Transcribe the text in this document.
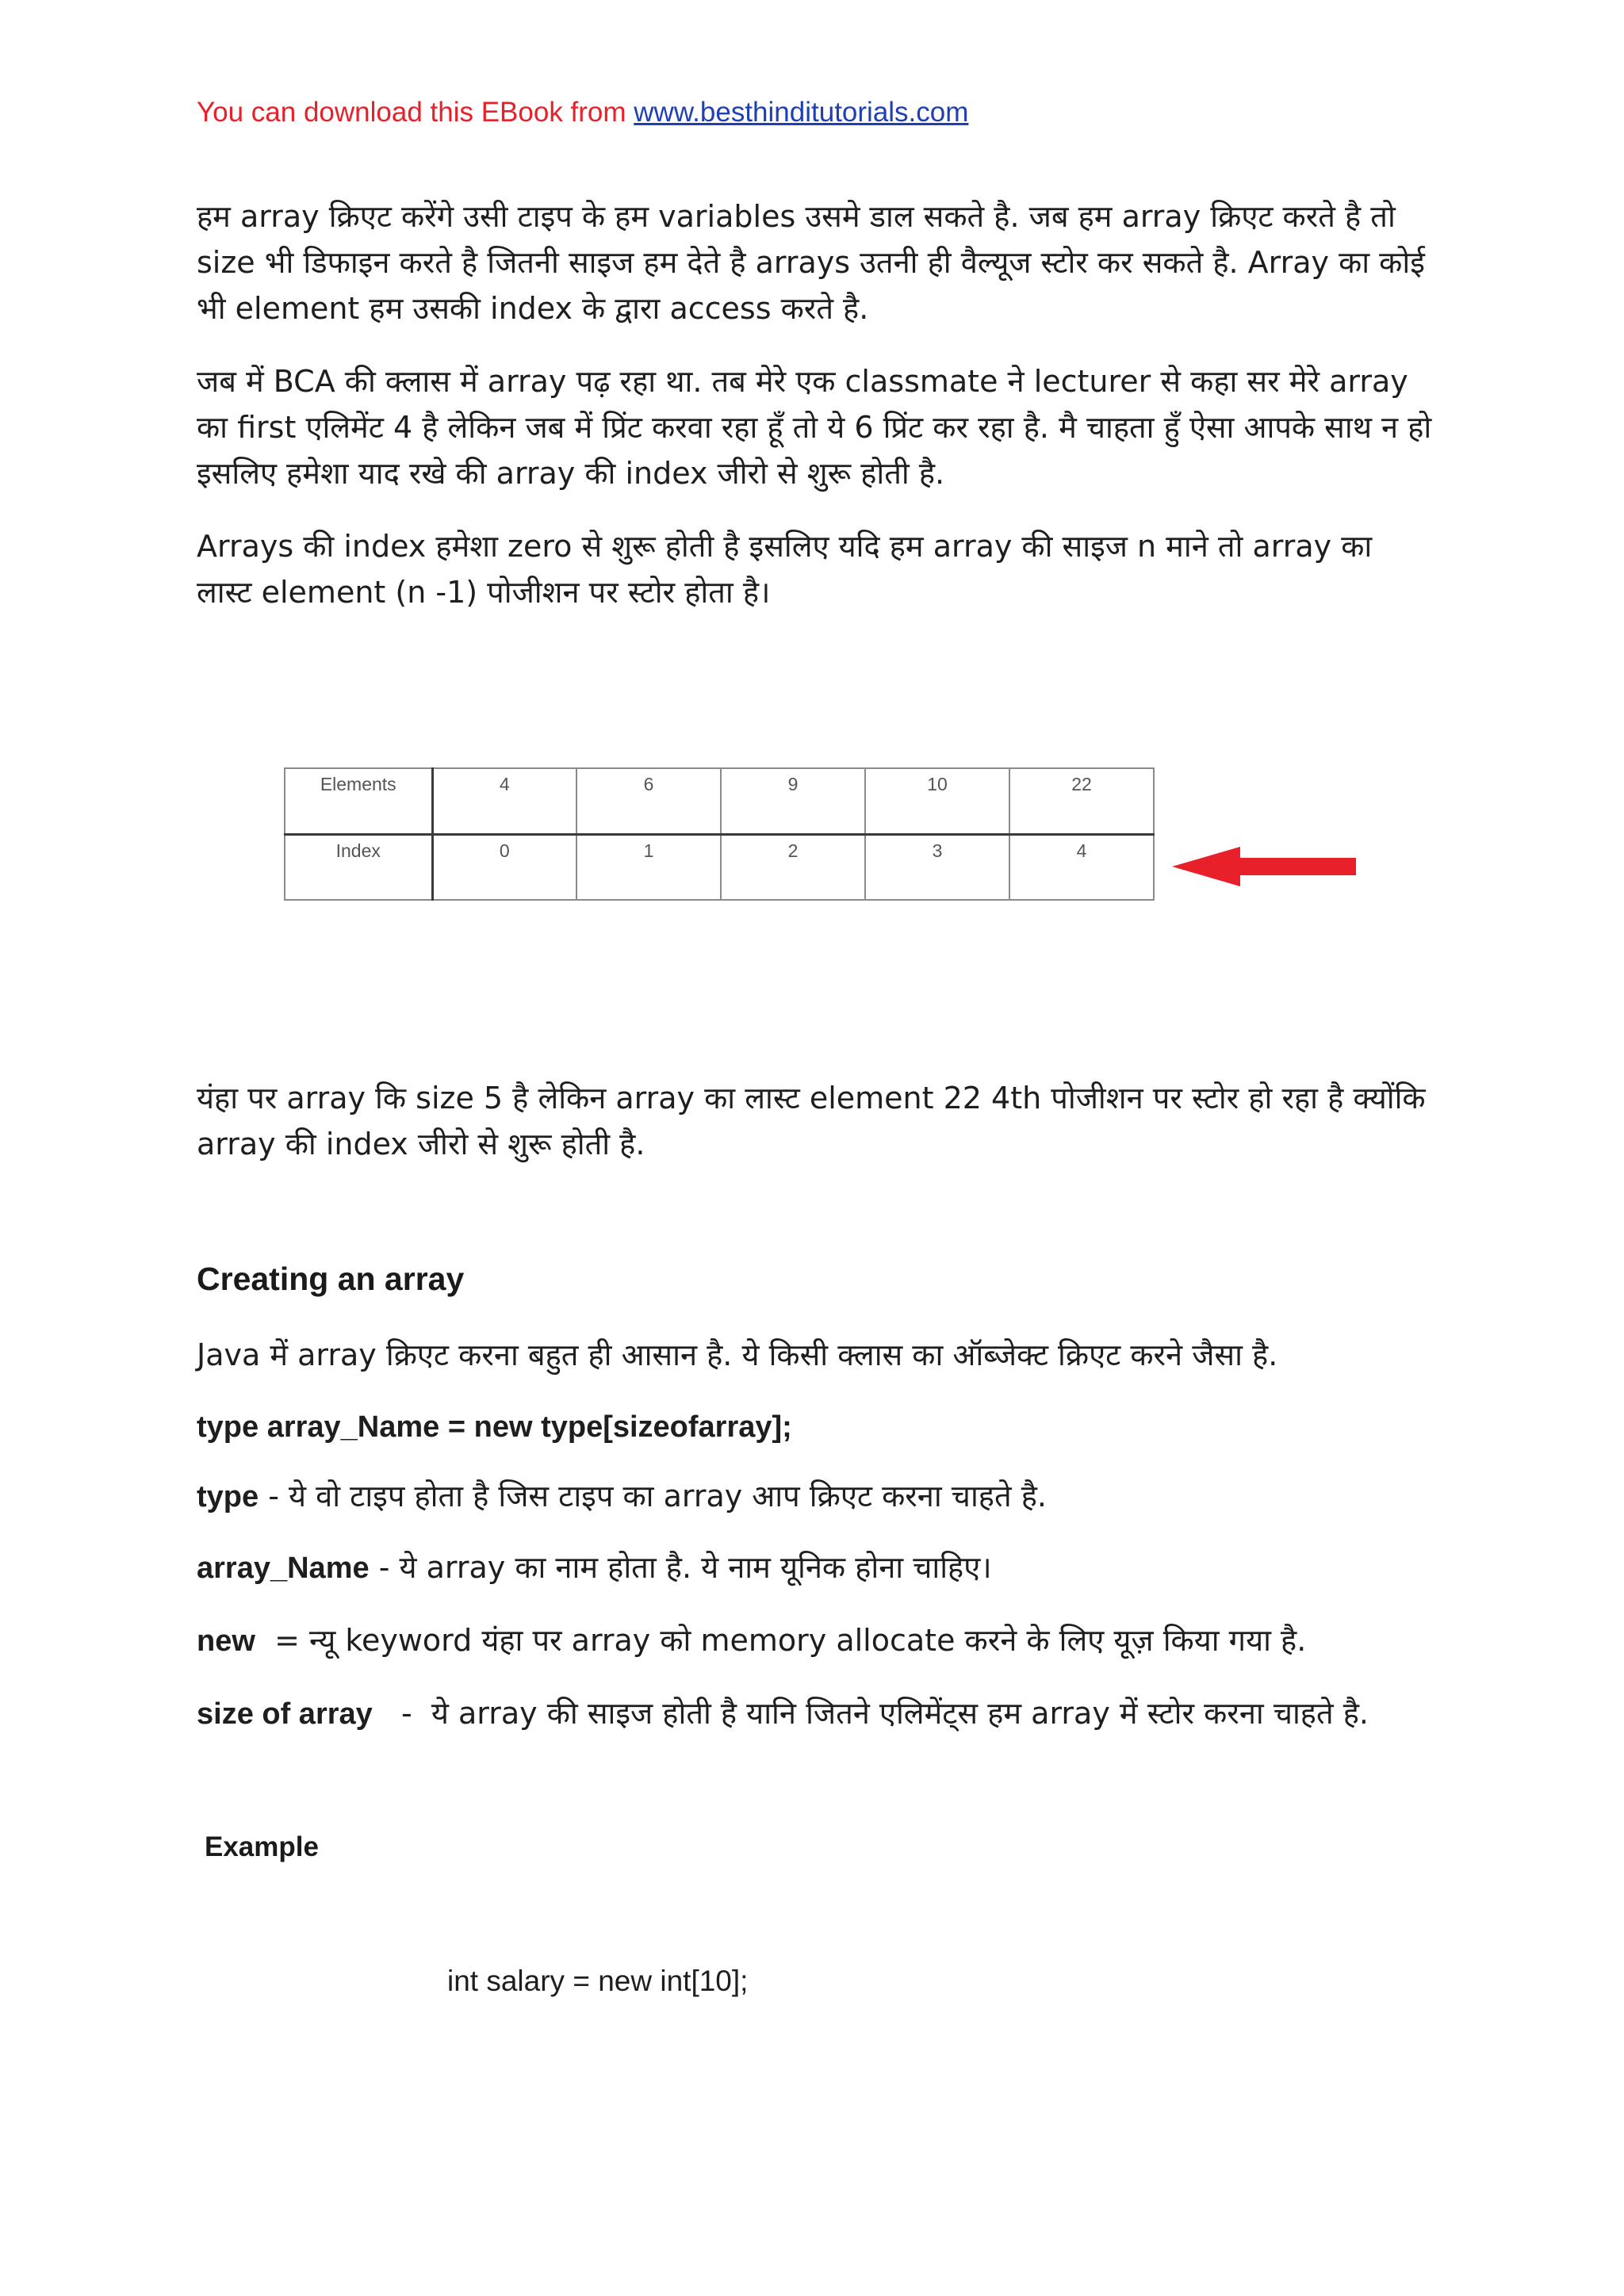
You can download this EBook from www.besthinditutorials.com
हम array क्रिएट करेंगे उसी टाइप के हम variables उसमे डाल सकते है. जब हम array क्रिएट करते है तो size भी डिफाइन करते है जितनी साइज हम देते है arrays उतनी ही वैल्यूज स्टोर कर सकते है. Array का कोई भी element हम उसकी index के द्वारा access करते है.
जब में BCA की क्लास में array पढ़ रहा था. तब मेरे एक classmate ने lecturer से कहा सर मेरे array का first एलिमेंट 4 है लेकिन जब में प्रिंट करवा रहा हूँ तो ये 6 प्रिंट कर रहा है. मै चाहता हुँ ऐसा आपके साथ न हो इसलिए हमेशा याद रखे की array की index जीरो से शुरू होती है.
Arrays की index हमेशा zero से शुरू होती है इसलिए यदि हम array की साइज n माने तो array का लास्ट element (n -1) पोजीशन पर स्टोर होता है।
Elements	4	6	9	10	22
Index	0	1	2	3	4
यंहा पर array कि size 5 है लेकिन array का लास्ट element 22 4th पोजीशन पर स्टोर हो रहा है क्योंकि array की index जीरो से शुरू होती है.
Creating an array
Java में array क्रिएट करना बहुत ही आसान है. ये किसी क्लास का ऑब्जेक्ट क्रिएट करने जैसा है.
type array_Name = new type[sizeofarray];
type - ये वो टाइप होता है जिस टाइप का array आप क्रिएट करना चाहते है.
array_Name - ये array का नाम होता है. ये नाम यूनिक होना चाहिए।
new  = न्यू keyword यंहा पर array को memory allocate करने के लिए यूज़ किया गया है.
size of array   -  ये array की साइज होती है यानि जितने एलिमेंट्स हम array में स्टोर करना चाहते है.
Example
int salary = new int[10];
